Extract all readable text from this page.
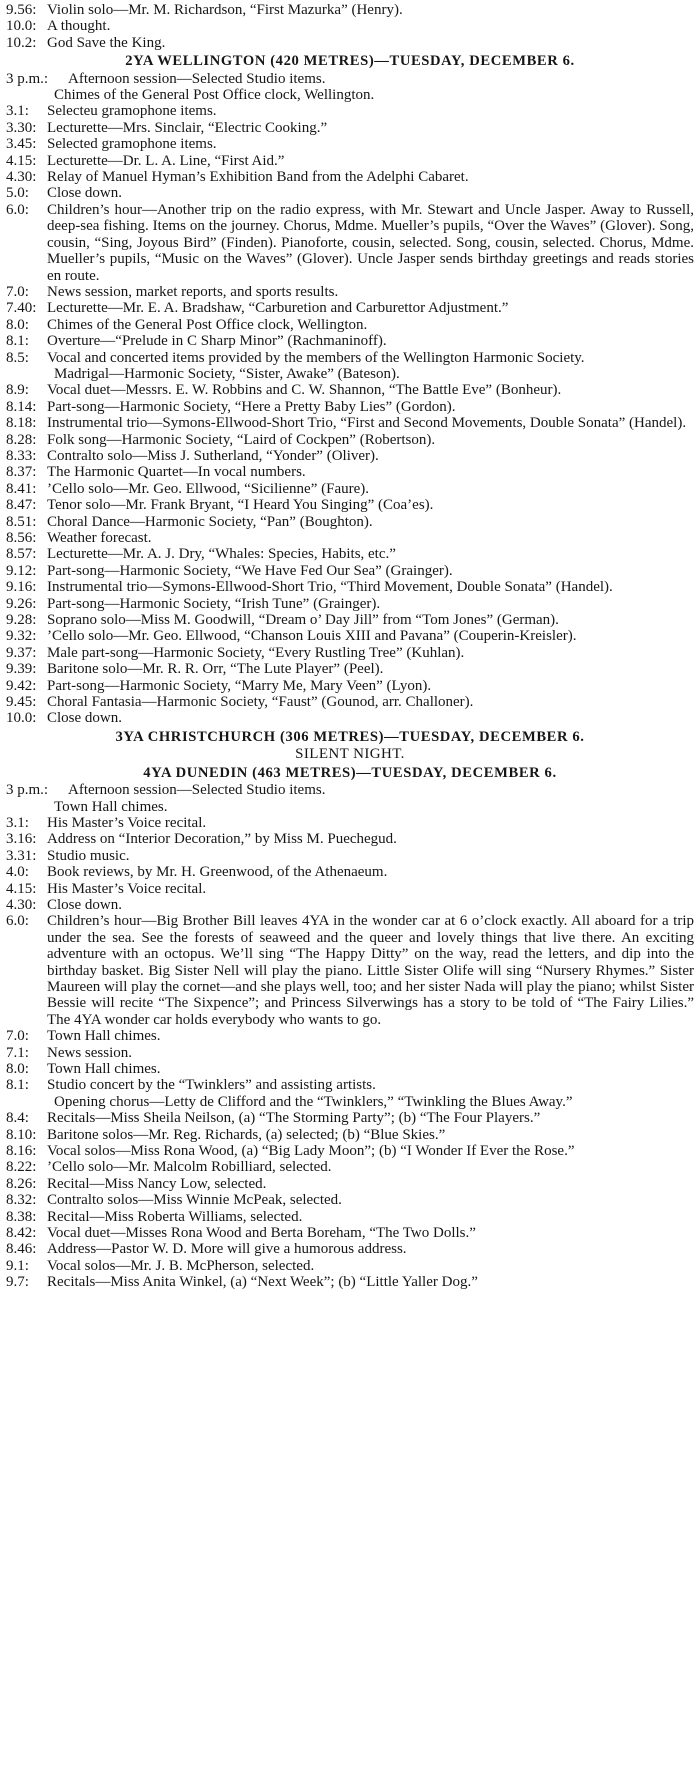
9.56: Violin solo—Mr. M. Richardson, “First Mazurka” (Henry).
10.0: A thought.
10.2: God Save the King.
2YA WELLINGTON (420 METRES)—TUESDAY, DECEMBER 6.
3 p.m.:	Afternoon session—Selected Studio items.
Chimes of the General Post Office clock, Wellington.
3.1:	Selecteu gramophone items.
3.30: Lecturette—Mrs. Sinclair, “Electric Cooking.”
3.45: Selected gramophone items.
4.15: Lecturette—Dr. L. A. Line, “First Aid.”
4.30: Relay of Manuel Hyman’s Exhibition Band from the Adelphi Cabaret.
5.0:	Close down.
6.0:	Children’s hour—Another trip on the radio express, with Mr. Stewart and Uncle Jasper. Away to Russell, deep-sea fishing. Items on the journey. Chorus, Mdme. Mueller’s pupils, “Over the Waves” (Glover). Song, cousin, “Sing, Joyous Bird” (Finden). Pianoforte, cousin, selected. Song, cousin, selected. Chorus, Mdme. Mueller’s pupils, “Music on the Waves” (Glover). Uncle Jasper sends birthday greetings and reads stories en route.
7.0:	News session, market reports, and sports results.
7.40: Lecturette—Mr. E. A. Bradshaw, “Carburetion and Carburettor Adjustment.”
8.0:	Chimes of the General Post Office clock, Wellington.
8.1:	Overture—“Prelude in C Sharp Minor” (Rachmaninoff).
8.5:	Vocal and concerted items provided by the members of the Wellington Harmonic Society.
Madrigal—Harmonic Society, “Sister, Awake” (Bateson).
8.9:	Vocal duet—Messrs. E. W. Robbins and C. W. Shannon, “The Battle Eve” (Bonheur).
8.14: Part-song—Harmonic Society, “Here a Pretty Baby Lies” (Gordon).
8.18: Instrumental trio—Symons-Ellwood-Short Trio, “First and Second Movements, Double Sonata” (Handel).
8.28: Folk song—Harmonic Society, “Laird of Cockpen” (Robertson).
8.33: Contralto solo—Miss J. Sutherland, “Yonder” (Oliver).
8.37: The Harmonic Quartet—In vocal numbers.
8.41: ’Cello solo—Mr. Geo. Ellwood, “Sicilienne” (Faure).
8.47: Tenor solo—Mr. Frank Bryant, “I Heard You Singing” (Coa’es).
8.51: Choral Dance—Harmonic Society, “Pan” (Boughton).
8.56: Weather forecast.
8.57: Lecturette—Mr. A. J. Dry, “Whales: Species, Habits, etc.”
9.12: Part-song—Harmonic Society, “We Have Fed Our Sea” (Grainger).
9.16: Instrumental trio—Symons-Ellwood-Short Trio, “Third Movement, Double Sonata” (Handel).
9.26: Part-song—Harmonic Society, “Irish Tune” (Grainger).
9.28: Soprano solo—Miss M. Goodwill, “Dream o’ Day Jill” from “Tom Jones” (German).
9.32: ’Cello solo—Mr. Geo. Ellwood, “Chanson Louis XIII and Pavana” (Couperin-Kreisler).
9.37: Male part-song—Harmonic Society, “Every Rustling Tree” (Kuhlan).
9.39: Baritone solo—Mr. R. R. Orr, “The Lute Player” (Peel).
9.42: Part-song—Harmonic Society, “Marry Me, Mary Veen” (Lyon).
9.45: Choral Fantasia—Harmonic Society, “Faust” (Gounod, arr. Challoner).
10.0: Close down.
3YA CHRISTCHURCH (306 METRES)—TUESDAY, DECEMBER 6.
SILENT NIGHT.
4YA DUNEDIN (463 METRES)—TUESDAY, DECEMBER 6.
3 p.m.:	Afternoon session—Selected Studio items.
Town Hall chimes.
3.1:	His Master’s Voice recital.
3.16: Address on “Interior Decoration,” by Miss M. Puechegud.
3.31: Studio music.
4.0:	Book reviews, by Mr. H. Greenwood, of the Athenaeum.
4.15: His Master’s Voice recital.
4.30: Close down.
6.0:	Children’s hour—Big Brother Bill leaves 4YA in the wonder car at 6 o’clock exactly. All aboard for a trip under the sea. See the forests of seaweed and the queer and lovely things that live there. An exciting adventure with an octopus. We’ll sing “The Happy Ditty” on the way, read the letters, and dip into the birthday basket. Big Sister Nell will play the piano. Little Sister Olife will sing “Nursery Rhymes.” Sister Maureen will play the cornet—and she plays well, too; and her sister Nada will play the piano; whilst Sister Bessie will recite “The Sixpence”; and Princess Silverwings has a story to be told of “The Fairy Lilies.” The 4YA wonder car holds everybody who wants to go.
7.0:	Town Hall chimes.
7.1:	News session.
8.0:	Town Hall chimes.
8.1:	Studio concert by the “Twinklers” and assisting artists.
Opening chorus—Letty de Clifford and the “Twinklers,” “Twinkling the Blues Away.”
8.4:	Recitals—Miss Sheila Neilson, (a) “The Storming Party”; (b) “The Four Players.”
8.10: Baritone solos—Mr. Reg. Richards, (a) selected; (b) “Blue Skies.”
8.16: Vocal solos—Miss Rona Wood, (a) “Big Lady Moon”; (b) “I Wonder If Ever the Rose.”
8.22: ’Cello solo—Mr. Malcolm Robilliard, selected.
8.26: Recital—Miss Nancy Low, selected.
8.32: Contralto solos—Miss Winnie McPeak, selected.
8.38: Recital—Miss Roberta Williams, selected.
8.42: Vocal duet—Misses Rona Wood and Berta Boreham, “The Two Dolls.”
8.46: Address—Pastor W. D. More will give a humorous address.
9.1:	Vocal solos—Mr. J. B. McPherson, selected.
9.7:	Recitals—Miss Anita Winkel, (a) “Next Week”; (b) “Little Yaller Dog.”
